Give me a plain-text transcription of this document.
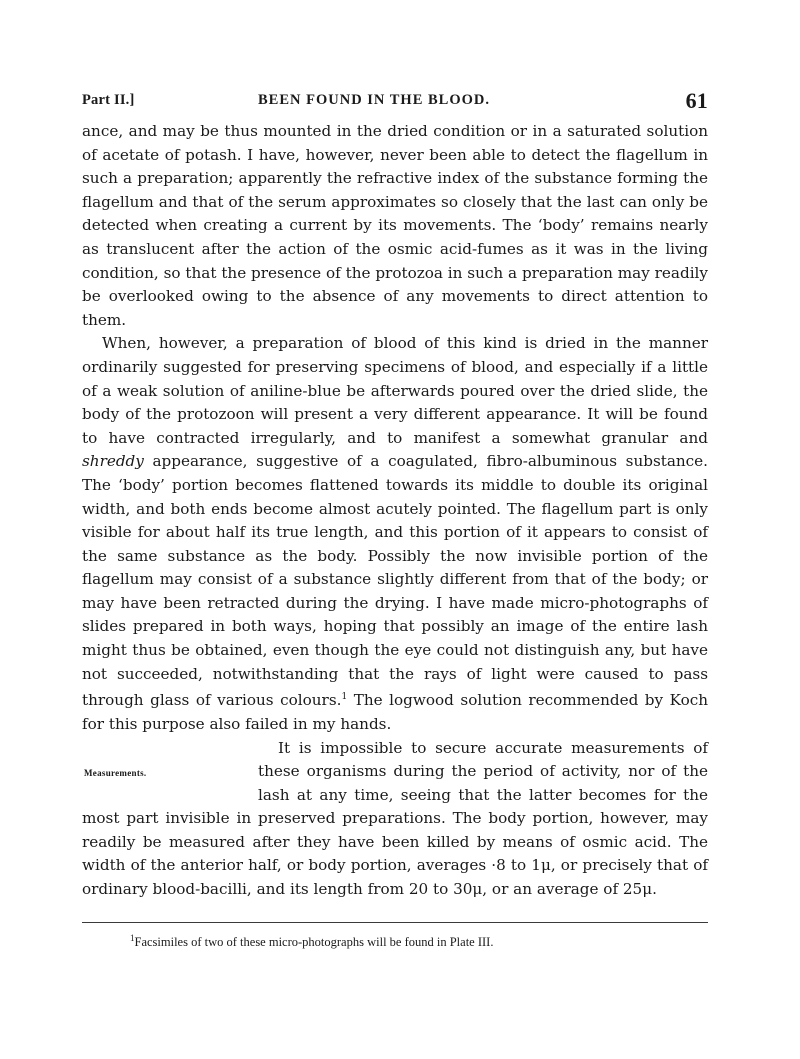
Part II.]	BEEN FOUND IN THE BLOOD.	61

ance, and may be thus mounted in the dried condition or in a saturated solution of acetate of potash. I have, however, never been able to detect the flagellum in such a preparation; apparently the refractive index of the substance forming the flagellum and that of the serum approximates so closely that the last can only be detected when creating a current by its movements. The ‘body’ remains nearly as translucent after the action of the osmic acid-fumes as it was in the living condition, so that the presence of the protozoa in such a preparation may readily be overlooked owing to the absence of any movements to direct attention to them.

When, however, a preparation of blood of this kind is dried in the manner ordinarily suggested for preserving specimens of blood, and especially if a little of a weak solution of aniline-blue be afterwards poured over the dried slide, the body of the protozoon will present a very different appearance. It will be found to have contracted irregularly, and to manifest a somewhat granular and shreddy appearance, suggestive of a coagulated, fibro-albuminous substance. The ‘body’ portion becomes flattened towards its middle to double its original width, and both ends become almost acutely pointed. The flagellum part is only visible for about half its true length, and this portion of it appears to consist of the same substance as the body. Possibly the now invisible portion of the flagellum may consist of a substance slightly different from that of the body; or may have been retracted during the drying. I have made micro-photographs of slides prepared in both ways, hoping that possibly an image of the entire lash might thus be obtained, even though the eye could not distinguish any, but have not succeeded, notwithstanding that the rays of light were caused to pass through glass of various colours.$^1$ The logwood solution recommended by Koch for this purpose also failed in my hands.

Measurements.

It is impossible to secure accurate measurements of these organisms during the period of activity, nor of the lash at any time, seeing that the latter becomes for the most part invisible in preserved preparations. The body portion, however, may readily be measured after they have been killed by means of osmic acid. The width of the anterior half, or body portion, averages ·8 to 1μ, or precisely that of ordinary blood-bacilli, and its length from 20 to 30μ, or an average of 25μ.

$^1$Facsimiles of two of these micro-photographs will be found in Plate III.
